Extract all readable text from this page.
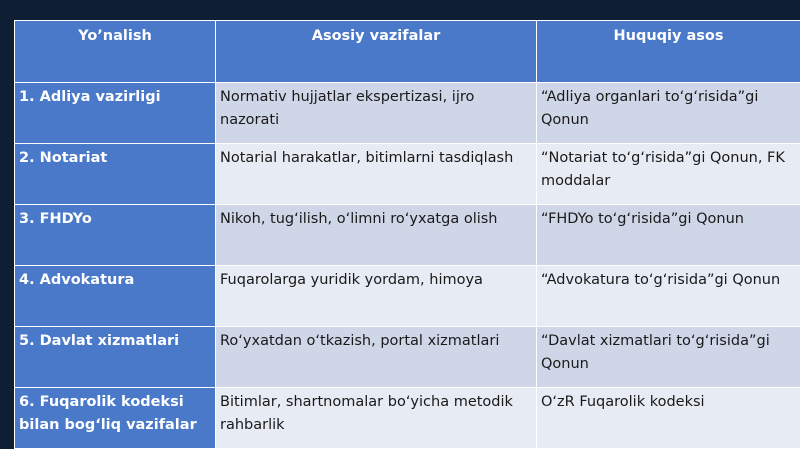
Yo’nalish	Asosiy vazifalar	Huquqiy asos
1. Adliya vazirligi	Normativ hujjatlar ekspertizasi, ijro nazorati	“Adliya organlari to‘g‘risida”gi Qonun
2. Notariat	Notarial harakatlar, bitimlarni tasdiqlash	“Notariat to‘g‘risida”gi Qonun, FK moddalar
3. FHDYo	Nikoh, tug‘ilish, o‘limni ro‘yxatga olish	“FHDYo to‘g‘risida”gi Qonun
4. Advokatura	Fuqarolarga yuridik yordam, himoya	“Advokatura to‘g‘risida”gi Qonun
5. Davlat xizmatlari	Ro‘yxatdan o‘tkazish, portal xizmatlari	“Davlat xizmatlari to‘g‘risida”gi Qonun
6. Fuqarolik kodeksi bilan bog‘liq vazifalar	Bitimlar, shartnomalar bo‘yicha metodik rahbarlik	O‘zR Fuqarolik kodeksi
